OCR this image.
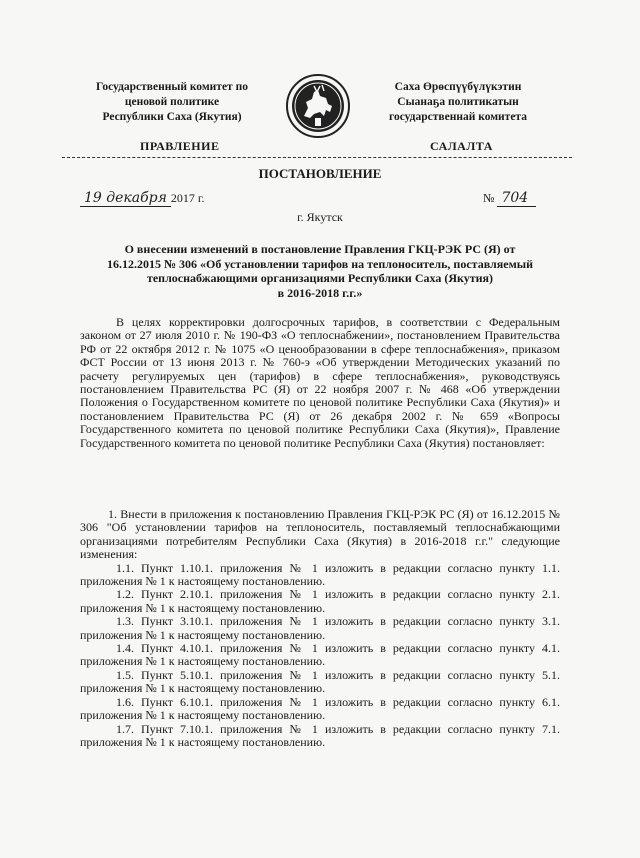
Государственный комитет по
ценовой политике
Республики Саха (Якутия)
Саха Өрөспүүбүлүкэтин
Сыанаҕа политикатын
государственнай комитета
ПРАВЛЕНИЕ	САЛАЛТА
ПОСТАНОВЛЕНИЕ
19 декабря 2017 г.	№ 704
г. Якутск
О внесении изменений в постановление Правления ГКЦ-РЭК РС (Я) от
16.12.2015 № 306 «Об установлении тарифов на теплоноситель, поставляемый
теплоснабжающими организациями Республики Саха (Якутия)
в 2016-2018 г.г.»
В целях корректировки долгосрочных тарифов, в соответствии с Федеральным законом от 27 июля 2010 г. № 190-ФЗ «О теплоснабжении», постановлением Правительства РФ от 22 октября 2012 г. № 1075 «О ценообразовании в сфере теплоснабжения», приказом ФСТ России от 13 июня 2013 г. № 760-э «Об утверждении Методических указаний по расчету регулируемых цен (тарифов) в сфере теплоснабжения», руководствуясь постановлением Правительства РС (Я) от 22 ноября 2007 г. № 468 «Об утверждении Положения о Государственном комитете по ценовой политике Республики Саха (Якутия)» и постановлением Правительства РС (Я) от 26 декабря 2002 г. № 659 «Вопросы Государственного комитета по ценовой политике Республики Саха (Якутия)», Правление Государственного комитета по ценовой политике Республики Саха (Якутия) постановляет:

1. Внести в приложения к постановлению Правления ГКЦ-РЭК РС (Я) от 16.12.2015 № 306 "Об установлении тарифов на теплоноситель, поставляемый теплоснабжающими организациями потребителям Республики Саха (Якутия) в 2016-2018 г.г." следующие изменения:

1.1. Пункт 1.10.1. приложения № 1 изложить в редакции согласно пункту 1.1. приложения № 1 к настоящему постановлению.

1.2. Пункт 2.10.1. приложения № 1 изложить в редакции согласно пункту 2.1. приложения № 1 к настоящему постановлению.

1.3. Пункт 3.10.1. приложения № 1 изложить в редакции согласно пункту 3.1. приложения № 1 к настоящему постановлению.

1.4. Пункт 4.10.1. приложения № 1 изложить в редакции согласно пункту 4.1. приложения № 1 к настоящему постановлению.

1.5. Пункт 5.10.1. приложения № 1 изложить в редакции согласно пункту 5.1. приложения № 1 к настоящему постановлению.

1.6. Пункт 6.10.1. приложения № 1 изложить в редакции согласно пункту 6.1. приложения № 1 к настоящему постановлению.

1.7. Пункт 7.10.1. приложения № 1 изложить в редакции согласно пункту 7.1. приложения № 1 к настоящему постановлению.
